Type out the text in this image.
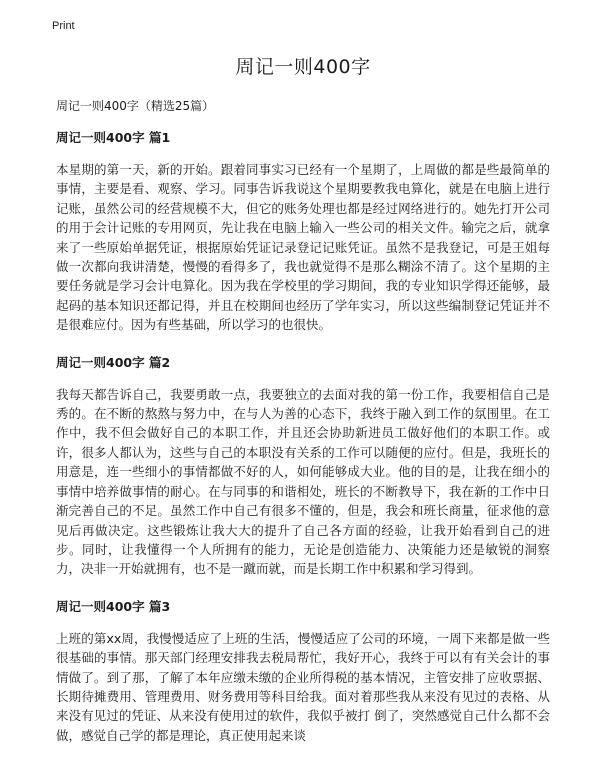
Print
周记一则400字
周记一则400字（精选25篇）
周记一则400字 篇1

本星期的第一天，新的开始。跟着同事实习已经有一个星期了，上周做的都是些最简单的事情，主要是看、观察、学习。同事告诉我说这个星期要教我电算化，就是在电脑上进行记账，虽然公司的经营规模不大，但它的账务处理也都是经过网络进行的。她先打开公司的用于会计记账的专用网页，先让我在电脑上输入一些公司的相关文件。输完之后，就拿来了一些原始单据凭证，根据原始凭证记录登记记账凭证。虽然不是我登记，可是王姐每做一次都向我讲清楚，慢慢的看得多了，我也就觉得不是那么糊涂不清了。这个星期的主要任务就是学习会计电算化。因为我在学校里的学习期间，我的专业知识学得还能够，最起码的基本知识还都记得，并且在校期间也经历了学年实习，所以这些编制登记凭证并不是很难应付。因为有些基础，所以学习的也很快。

周记一则400字 篇2

我每天都告诉自己，我要勇敢一点，我要独立的去面对我的第一份工作，我要相信自己是秀的。在不断的熬熬与努力中，在与人为善的心态下，我终于融入到工作的氛围里。在工作中，我不但会做好自己的本职工作，并且还会协助新进员工做好他们的本职工作。或许，很多人都认为，这些与自己的本职没有关系的工作可以随便的应付。但是，我班长的用意是，连一些细小的事情都做不好的人，如何能够成大业。他的目的是，让我在细小的事情中培养做事情的耐心。在与同事的和谐相处，班长的不断教导下，我在新的工作中日渐完善自己的不足。虽然工作中自己有很多不懂的，但是，我会和班长商量，征求他的意见后再做决定。这些锻炼让我大大的提升了自己各方面的经验，让我开始看到自己的进步。同时，让我懂得一个人所拥有的能力，无论是创造能力、决策能力还是敏锐的洞察力，决非一开始就拥有，也不是一蹴而就，而是长期工作中积累和学习得到。

周记一则400字 篇3

上班的第xx周，我慢慢适应了上班的生活，慢慢适应了公司的环境，一周下来都是做一些很基础的事情。那天部门经理安排我去税局帮忙，我好开心，我终于可以有有关会计的事情做了。到了那，了解了本年应缴未缴的企业所得税的基本情况，主管安排了应收票据、长期待摊费用、管理费用、财务费用等科目给我。面对着那些我从来没有见过的表格、从来没有见过的凭证、从来没有使用过的软件，我似乎被打 倒了，突然感觉自己什么都不会做，感觉自己学的都是理论，真正使用起来谈
